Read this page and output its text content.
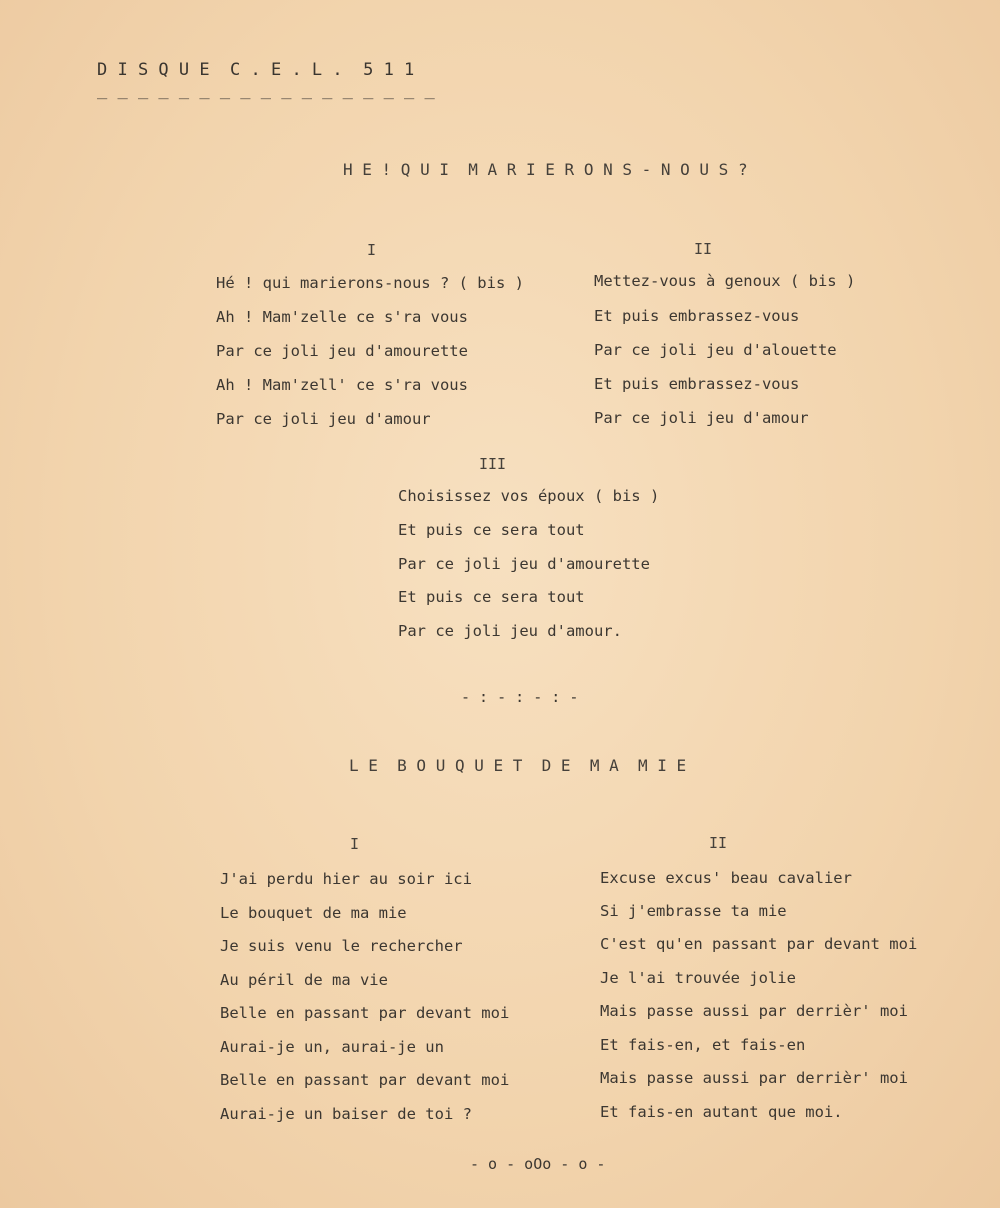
D I S Q U E  C . E . L .  5 1 1
_ _ _ _ _ _ _ _ _ _ _ _ _ _ _ _ _
H E ! Q U I  M A R I E R O N S - N O U S ?
I
Hé ! qui marierons-nous ? ( bis )
Ah ! Mam'zelle ce s'ra vous
Par ce joli jeu d'amourette
Ah ! Mam'zell' ce s'ra vous
Par ce joli jeu d'amour
II
Mettez-vous à genoux ( bis )
Et puis embrassez-vous
Par ce joli jeu d'alouette
Et puis embrassez-vous
Par ce joli jeu d'amour
III
Choisissez vos époux ( bis )
Et puis ce sera tout
Par ce joli jeu d'amourette
Et puis ce sera tout
Par ce joli jeu d'amour.
- : - : - : -
L E  B O U Q U E T  D E  M A  M I E
I
J'ai perdu hier au soir ici
Le bouquet de ma mie
Je suis venu le rechercher
Au péril de ma vie
Belle en passant par devant moi
Aurai-je un, aurai-je un
Belle en passant par devant moi
Aurai-je un baiser de toi ?
II
Excuse excus' beau cavalier
Si j'embrasse ta mie
C'est qu'en passant par devant moi
Je l'ai trouvée jolie
Mais passe aussi par derrièr' moi
Et fais-en, et fais-en
Mais passe aussi par derrièr' moi
Et fais-en autant que moi.
- o - oOo - o -
